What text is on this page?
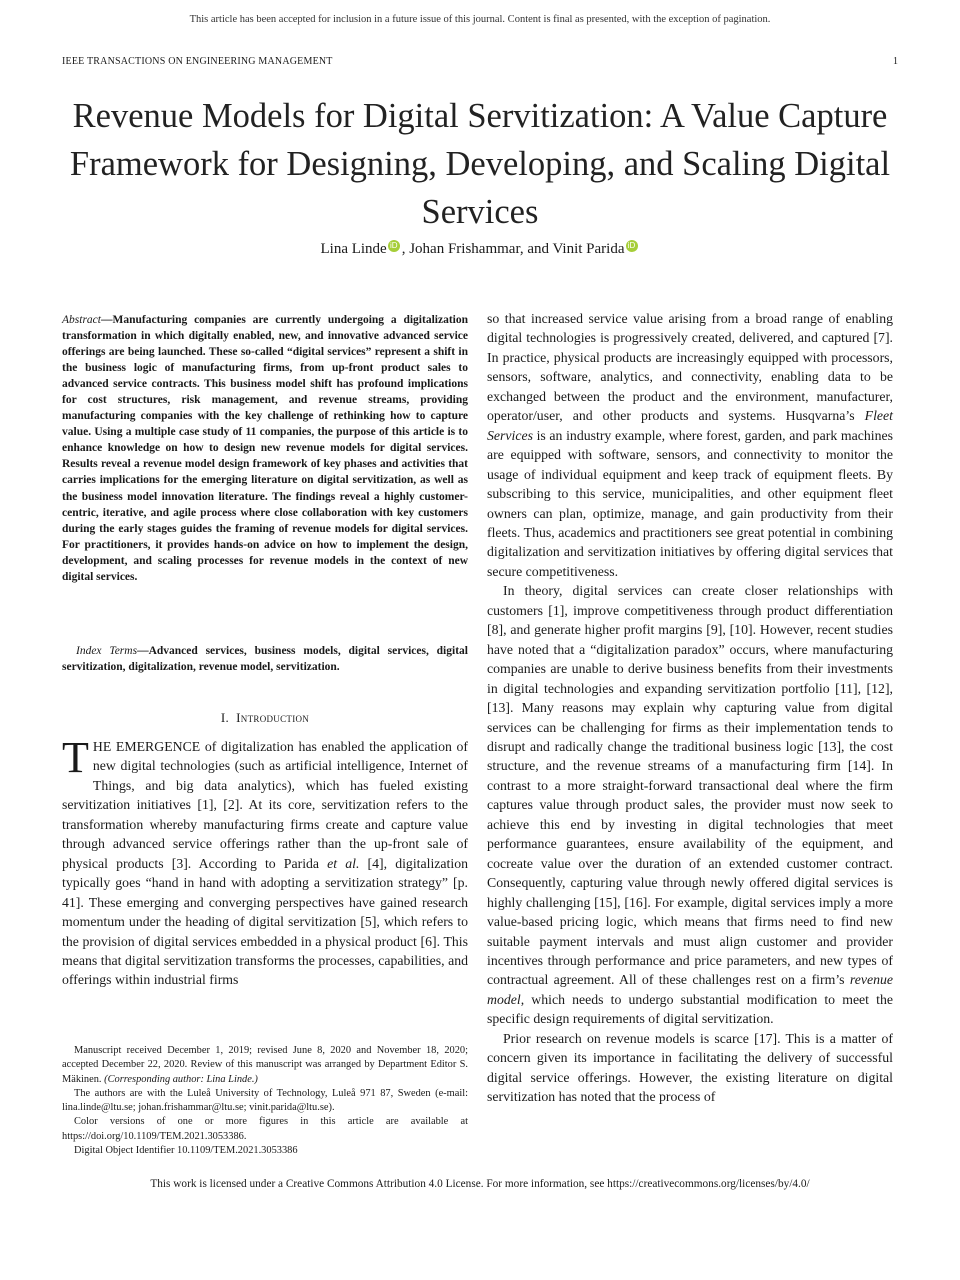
This article has been accepted for inclusion in a future issue of this journal. Content is final as presented, with the exception of pagination.
IEEE TRANSACTIONS ON ENGINEERING MANAGEMENT	1
Revenue Models for Digital Servitization: A Value Capture Framework for Designing, Developing, and Scaling Digital Services
Lina Linde iD , Johan Frishammar, and Vinit Parida iD
Abstract—Manufacturing companies are currently undergoing a digitalization transformation in which digitally enabled, new, and innovative advanced service offerings are being launched. These so-called “digital services” represent a shift in the business logic of manufacturing firms, from up-front product sales to advanced service contracts. This business model shift has profound implications for cost structures, risk management, and revenue streams, providing manufacturing companies with the key challenge of rethinking how to capture value. Using a multiple case study of 11 companies, the purpose of this article is to enhance knowledge on how to design new revenue models for digital services. Results reveal a revenue model design framework of key phases and activities that carries implications for the emerging literature on digital servitization, as well as the business model innovation literature. The findings reveal a highly customer-centric, iterative, and agile process where close collaboration with key customers during the early stages guides the framing of revenue models for digital services. For practitioners, it provides hands-on advice on how to implement the design, development, and scaling processes for revenue models in the context of new digital services.
Index Terms—Advanced services, business models, digital services, digital servitization, digitalization, revenue model, servitization.
I. Introduction
THE EMERGENCE of digitalization has enabled the application of new digital technologies (such as artificial intelligence, Internet of Things, and big data analytics), which has fueled existing servitization initiatives [1], [2]. At its core, servitization refers to the transformation whereby manufacturing firms create and capture value through advanced service offerings rather than the up-front sale of physical products [3]. According to Parida et al. [4], digitalization typically goes “hand in hand with adopting a servitization strategy” [p. 41]. These emerging and converging perspectives have gained research momentum under the heading of digital servitization [5], which refers to the provision of digital services embedded in a physical product [6]. This means that digital servitization transforms the processes, capabilities, and offerings within industrial firms

Manuscript received December 1, 2019; revised June 8, 2020 and November 18, 2020; accepted December 22, 2020. Review of this manuscript was arranged by Department Editor S. Mäkinen. (Corresponding author: Lina Linde.)

The authors are with the Luleå University of Technology, Luleå 971 87, Sweden (e-mail: lina.linde@ltu.se; johan.frishammar@ltu.se; vinit.parida@ltu.se).

Color versions of one or more figures in this article are available at https://doi.org/10.1109/TEM.2021.3053386.

Digital Object Identifier 10.1109/TEM.2021.3053386

so that increased service value arising from a broad range of enabling digital technologies is progressively created, delivered, and captured [7]. In practice, physical products are increasingly equipped with processors, sensors, software, analytics, and connectivity, enabling data to be exchanged between the product and the environment, manufacturer, operator/user, and other products and systems. Husqvarna’s Fleet Services is an industry example, where forest, garden, and park machines are equipped with software, sensors, and connectivity to monitor the usage of individual equipment and keep track of equipment fleets. By subscribing to this service, municipalities, and other equipment fleet owners can plan, optimize, manage, and gain productivity from their fleets. Thus, academics and practitioners see great potential in combining digitalization and servitization initiatives by offering digital services that secure competitiveness.

In theory, digital services can create closer relationships with customers [1], improve competitiveness through product differentiation [8], and generate higher profit margins [9], [10]. However, recent studies have noted that a “digitalization paradox” occurs, where manufacturing companies are unable to derive business benefits from their investments in digital technologies and expanding servitization portfolio [11], [12], [13]. Many reasons may explain why capturing value from digital services can be challenging for firms as their implementation tends to disrupt and radically change the traditional business logic [13], the cost structure, and the revenue streams of a manufacturing firm [14]. In contrast to a more straight-forward transactional deal where the firm captures value through product sales, the provider must now seek to achieve this end by investing in digital technologies that meet performance guarantees, ensure availability of the equipment, and cocreate value over the duration of an extended customer contract. Consequently, capturing value through newly offered digital services is highly challenging [15], [16]. For example, digital services imply a more value-based pricing logic, which means that firms need to find new suitable payment intervals and must align customer and provider incentives through performance and price parameters, and new types of contractual agreement. All of these challenges rest on a firm’s revenue model, which needs to undergo substantial modification to meet the specific design requirements of digital servitization.

Prior research on revenue models is scarce [17]. This is a matter of concern given its importance in facilitating the delivery of successful digital service offerings. However, the existing literature on digital servitization has noted that the process of

This work is licensed under a Creative Commons Attribution 4.0 License. For more information, see https://creativecommons.org/licenses/by/4.0/
